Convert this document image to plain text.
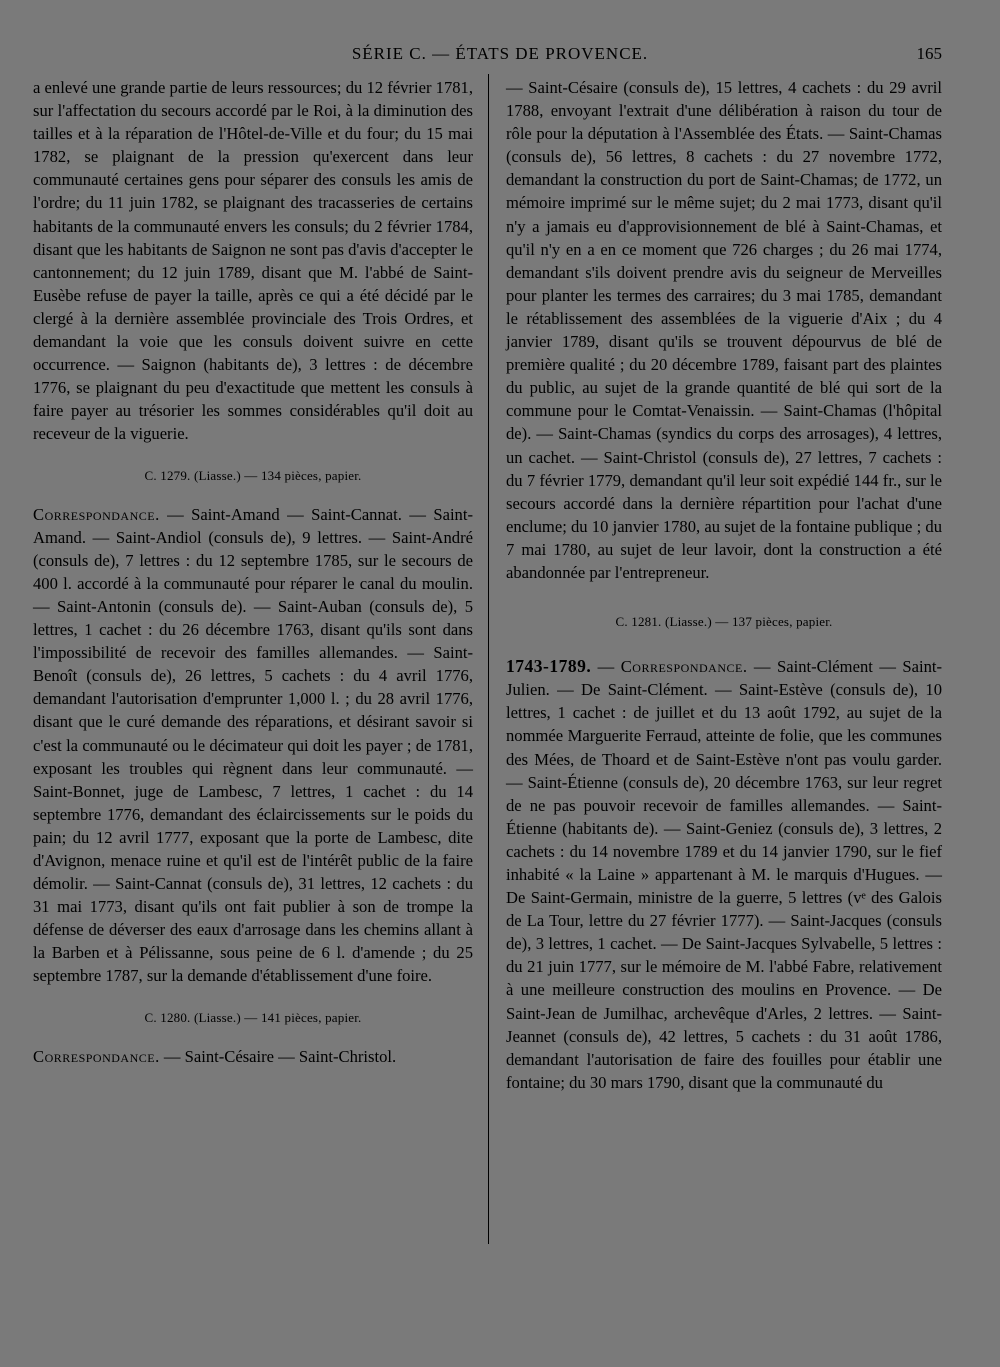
SÉRIE C. — ÉTATS DE PROVENCE.	165

a enlevé une grande partie de leurs ressources; du 12 février 1781, sur l'affectation du secours accordé par le Roi, à la diminution des tailles et à la réparation de l'Hôtel-de-Ville et du four; du 15 mai 1782, se plaignant de la pression qu'exercent dans leur communauté certaines gens pour séparer des consuls les amis de l'ordre; du 11 juin 1782, se plaignant des tracasseries de certains habitants de la communauté envers les consuls; du 2 février 1784, disant que les habitants de Saignon ne sont pas d'avis d'accepter le cantonnement; du 12 juin 1789, disant que M. l'abbé de Saint-Eusèbe refuse de payer la taille, après ce qui a été décidé par le clergé à la dernière assemblée provinciale des Trois Ordres, et demandant la voie que les consuls doivent suivre en cette occurrence. — Saignon (habitants de), 3 lettres : de décembre 1776, se plaignant du peu d'exactitude que mettent les consuls à faire payer au trésorier les sommes considérables qu'il doit au receveur de la viguerie.

C. 1279. (Liasse.) — 134 pièces, papier.

Correspondance. — Saint-Amand — Saint-Cannat. — Saint-Amand. — Saint-Andiol (consuls de), 9 lettres. — Saint-André (consuls de), 7 lettres : du 12 septembre 1785, sur le secours de 400 l. accordé à la communauté pour réparer le canal du moulin. — Saint-Antonin (consuls de). — Saint-Auban (consuls de), 5 lettres, 1 cachet : du 26 décembre 1763, disant qu'ils sont dans l'impossibilité de recevoir des familles allemandes. — Saint-Benoît (consuls de), 26 lettres, 5 cachets : du 4 avril 1776, demandant l'autorisation d'emprunter 1,000 l. ; du 28 avril 1776, disant que le curé demande des réparations, et désirant savoir si c'est la communauté ou le décimateur qui doit les payer ; de 1781, exposant les troubles qui règnent dans leur communauté. — Saint-Bonnet, juge de Lambesc, 7 lettres, 1 cachet : du 14 septembre 1776, demandant des éclaircissements sur le poids du pain; du 12 avril 1777, exposant que la porte de Lambesc, dite d'Avignon, menace ruine et qu'il est de l'intérêt public de la faire démolir. — Saint-Cannat (consuls de), 31 lettres, 12 cachets : du 31 mai 1773, disant qu'ils ont fait publier à son de trompe la défense de déverser des eaux d'arrosage dans les chemins allant à la Barben et à Pélissanne, sous peine de 6 l. d'amende ; du 25 septembre 1787, sur la demande d'établissement d'une foire.

C. 1280. (Liasse.) — 141 pièces, papier.

Correspondance. — Saint-Césaire — Saint-Christol.

— Saint-Césaire (consuls de), 15 lettres, 4 cachets : du 29 avril 1788, envoyant l'extrait d'une délibération à raison du tour de rôle pour la députation à l'Assemblée des États. — Saint-Chamas (consuls de), 56 lettres, 8 cachets : du 27 novembre 1772, demandant la construction du port de Saint-Chamas; de 1772, un mémoire imprimé sur le même sujet; du 2 mai 1773, disant qu'il n'y a jamais eu d'approvisionnement de blé à Saint-Chamas, et qu'il n'y en a en ce moment que 726 charges ; du 26 mai 1774, demandant s'ils doivent prendre avis du seigneur de Merveilles pour planter les termes des carraires; du 3 mai 1785, demandant le rétablissement des assemblées de la viguerie d'Aix ; du 4 janvier 1789, disant qu'ils se trouvent dépourvus de blé de première qualité ; du 20 décembre 1789, faisant part des plaintes du public, au sujet de la grande quantité de blé qui sort de la commune pour le Comtat-Venaissin. — Saint-Chamas (l'hôpital de). — Saint-Chamas (syndics du corps des arrosages), 4 lettres, un cachet. — Saint-Christol (consuls de), 27 lettres, 7 cachets : du 7 février 1779, demandant qu'il leur soit expédié 144 fr., sur le secours accordé dans la dernière répartition pour l'achat d'une enclume; du 10 janvier 1780, au sujet de la fontaine publique ; du 7 mai 1780, au sujet de leur lavoir, dont la construction a été abandonnée par l'entrepreneur.

C. 1281. (Liasse.) — 137 pièces, papier.

1743-1789. — Correspondance. — Saint-Clément — Saint-Julien. — De Saint-Clément. — Saint-Estève (consuls de), 10 lettres, 1 cachet : de juillet et du 13 août 1792, au sujet de la nommée Marguerite Ferraud, atteinte de folie, que les communes des Mées, de Thoard et de Saint-Estève n'ont pas voulu garder. — Saint-Étienne (consuls de), 20 décembre 1763, sur leur regret de ne pas pouvoir recevoir de familles allemandes. — Saint-Étienne (habitants de). — Saint-Geniez (consuls de), 3 lettres, 2 cachets : du 14 novembre 1789 et du 14 janvier 1790, sur le fief inhabité « la Laine » appartenant à M. le marquis d'Hugues. — De Saint-Germain, ministre de la guerre, 5 lettres (vᵉ des Galois de La Tour, lettre du 27 février 1777). — Saint-Jacques (consuls de), 3 lettres, 1 cachet. — De Saint-Jacques Sylvabelle, 5 lettres : du 21 juin 1777, sur le mémoire de M. l'abbé Fabre, relativement à une meilleure construction des moulins en Provence. — De Saint-Jean de Jumilhac, archevêque d'Arles, 2 lettres. — Saint-Jeannet (consuls de), 42 lettres, 5 cachets : du 31 août 1786, demandant l'autorisation de faire des fouilles pour établir une fontaine; du 30 mars 1790, disant que la communauté du
